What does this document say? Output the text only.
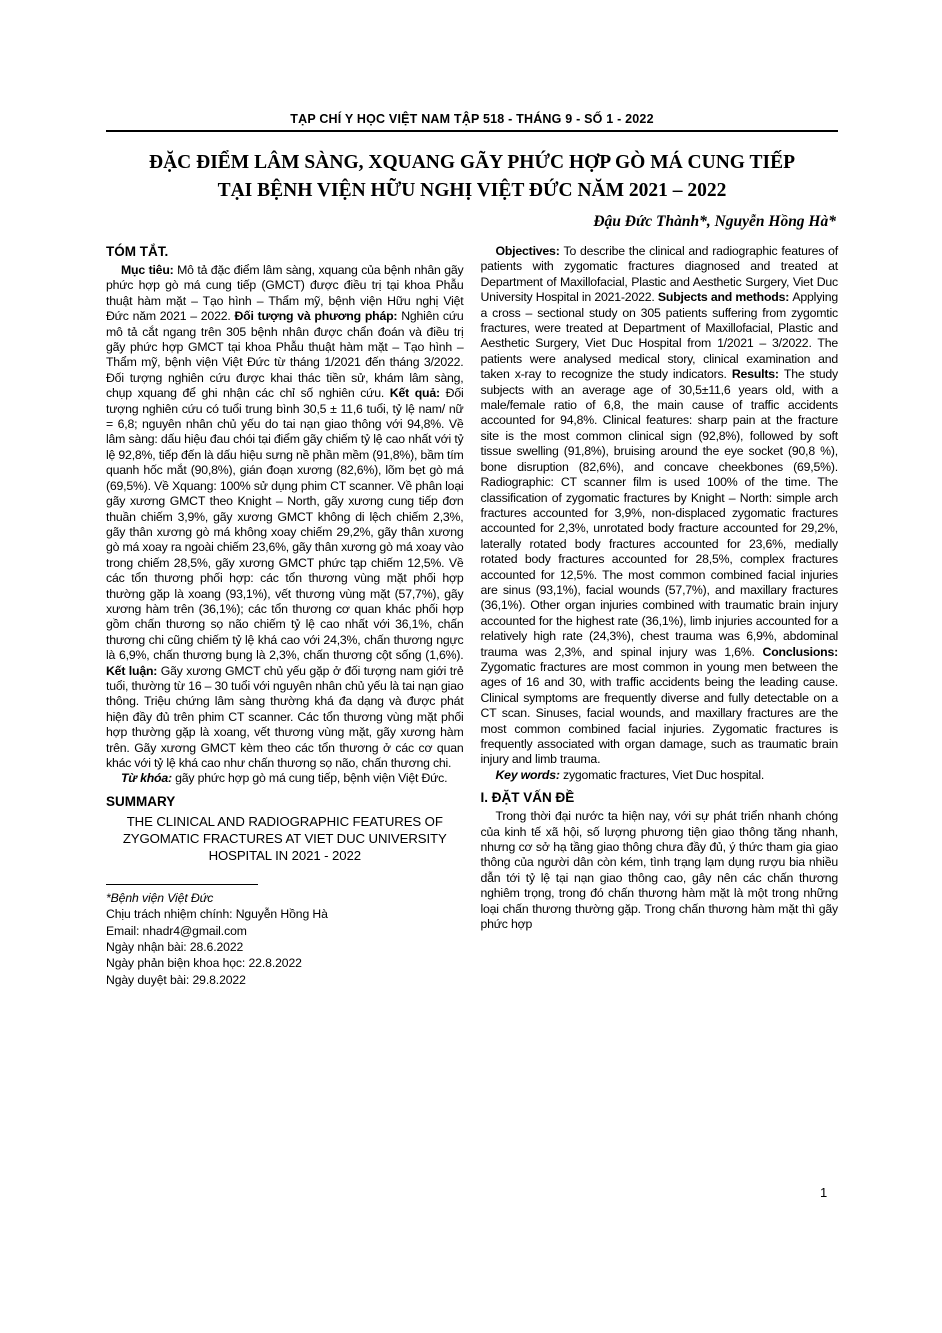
TẠP CHÍ Y HỌC VIỆT NAM TẬP 518 - THÁNG 9 - SỐ 1 - 2022
ĐẶC ĐIỂM LÂM SÀNG, XQUANG GÃY PHỨC HỢP GÒ MÁ CUNG TIẾP
TẠI BỆNH VIỆN HỮU NGHỊ VIỆT ĐỨC NĂM 2021 – 2022
Đậu Đức Thành*, Nguyễn Hồng Hà*
TÓM TẮT.

Mục tiêu: Mô tả đặc điểm lâm sàng, xquang của bệnh nhân gãy phức hợp gò má cung tiếp (GMCT) được điều trị tại khoa Phẫu thuật hàm mặt – Tạo hình – Thẩm mỹ, bệnh viện Hữu nghị Việt Đức năm 2021 – 2022. Đối tượng và phương pháp: Nghiên cứu mô tả cắt ngang trên 305 bệnh nhân được chẩn đoán và điều trị gãy phức hợp GMCT tại khoa Phẫu thuật hàm mặt – Tạo hình – Thẩm mỹ, bệnh viện Việt Đức từ tháng 1/2021 đến tháng 3/2022. Đối tượng nghiên cứu được khai thác tiền sử, khám lâm sàng, chụp xquang để ghi nhận các chỉ số nghiên cứu. Kết quả: Đối tượng nghiên cứu có tuổi trung bình 30,5 ± 11,6 tuổi, tỷ lệ nam/ nữ = 6,8; nguyên nhân chủ yếu do tai nạn giao thông với 94,8%. Về lâm sàng: dấu hiệu đau chói tại điểm gãy chiếm tỷ lệ cao nhất với tỷ lệ 92,8%, tiếp đến là dấu hiệu sưng nề phần mềm (91,8%), bầm tím quanh hốc mắt (90,8%), gián đoạn xương (82,6%), lõm bẹt gò má (69,5%). Về Xquang: 100% sử dụng phim CT scanner. Về phân loại gãy xương GMCT theo Knight – North, gãy xương cung tiếp đơn thuần chiếm 3,9%, gãy xương GMCT không di lệch chiếm 2,3%, gãy thân xương gò má không xoay chiếm 29,2%, gãy thân xương gò má xoay ra ngoài chiếm 23,6%, gãy thân xương gò má xoay vào trong chiếm 28,5%, gãy xương GMCT phức tạp chiếm 12,5%. Về các tổn thương phối hợp: các tổn thương vùng mặt phối hợp thường gặp là xoang (93,1%), vết thương vùng mặt (57,7%), gãy xương hàm trên (36,1%); các tổn thương cơ quan khác phối hợp gồm chấn thương sọ não chiếm tỷ lệ cao nhất với 36,1%, chấn thương chi cũng chiếm tỷ lệ khá cao với 24,3%, chấn thương ngực là 6,9%, chấn thương bụng là 2,3%, chấn thương cột sống (1,6%). Kết luận: Gãy xương GMCT chủ yếu gặp ở đối tượng nam giới trẻ tuổi, thường từ 16 – 30 tuổi với nguyên nhân chủ yếu là tai nạn giao thông. Triệu chứng lâm sàng thường khá đa dạng và được phát hiện đầy đủ trên phim CT scanner. Các tổn thương vùng mặt phối hợp thường gặp là xoang, vết thương vùng mặt, gãy xương hàm trên. Gãy xương GMCT kèm theo các tổn thương ở các cơ quan khác với tỷ lệ khá cao như chấn thương sọ não, chấn thương chi.

Từ khóa: gãy phức hợp gò má cung tiếp, bệnh viện Việt Đức.

SUMMARY
THE CLINICAL AND RADIOGRAPHIC FEATURES OF ZYGOMATIC FRACTURES AT VIET DUC UNIVERSITY HOSPITAL IN 2021 - 2022
*Bệnh viện Việt Đức
Chịu trách nhiệm chính: Nguyễn Hồng Hà
Email: nhadr4@gmail.com
Ngày nhận bài: 28.6.2022
Ngày phản biện khoa học: 22.8.2022
Ngày duyệt bài: 29.8.2022

Objectives: To describe the clinical and radiographic features of patients with zygomatic fractures diagnosed and treated at Department of Maxillofacial, Plastic and Aesthetic Surgery, Viet Duc University Hospital in 2021-2022. Subjects and methods: Applying a cross – sectional study on 305 patients suffering from zygomtic fractures, were treated at Department of Maxillofacial, Plastic and Aesthetic Surgery, Viet Duc Hospital from 1/2021 – 3/2022. The patients were analysed medical story, clinical examination and taken x-ray to recognize the study indicators. Results: The study subjects with an average age of 30,5±11,6 years old, with a male/female ratio of 6,8, the main cause of traffic accidents accounted for 94,8%. Clinical features: sharp pain at the fracture site is the most common clinical sign (92,8%), followed by soft tissue swelling (91,8%), bruising around the eye socket (90,8 %), bone disruption (82,6%), and concave cheekbones (69,5%). Radiographic: CT scanner film is used 100% of the time. The classification of zygomatic fractures by Knight – North: simple arch fractures accounted for 3,9%, non-displaced zygomatic fractures accounted for 2,3%, unrotated body fracture accounted for 29,2%, laterally rotated body fractures accounted for 23,6%, medially rotated body fractures accounted for 28,5%, complex fractures accounted for 12,5%. The most common combined facial injuries are sinus (93,1%), facial wounds (57,7%), and maxillary fractures (36,1%). Other organ injuries combined with traumatic brain injury accounted for the highest rate (36,1%), limb injuries accounted for a relatively high rate (24,3%), chest trauma was 6,9%, abdominal trauma was 2,3%, and spinal injury was 1,6%. Conclusions: Zygomatic fractures are most common in young men between the ages of 16 and 30, with traffic accidents being the leading cause. Clinical symptoms are frequently diverse and fully detectable on a CT scan. Sinuses, facial wounds, and maxillary fractures are the most common combined facial injuries. Zygomatic fractures is frequently associated with organ damage, such as traumatic brain injury and limb trauma.

Key words: zygomatic fractures, Viet Duc hospital.

I. ĐẶT VẤN ĐỀ

Trong thời đại nước ta hiện nay, với sự phát triển nhanh chóng của kinh tế xã hội, số lượng phương tiện giao thông tăng nhanh, nhưng cơ sở hạ tầng giao thông chưa đầy đủ, ý thức tham gia giao thông của người dân còn kém, tình trạng lạm dụng rượu bia nhiều dẫn tới tỷ lệ tại nạn giao thông cao, gây nên các chấn thương nghiêm trọng, trong đó chấn thương hàm mặt là một trong những loại chấn thương thường gặp. Trong chấn thương hàm mặt thì gãy phức hợp

1
